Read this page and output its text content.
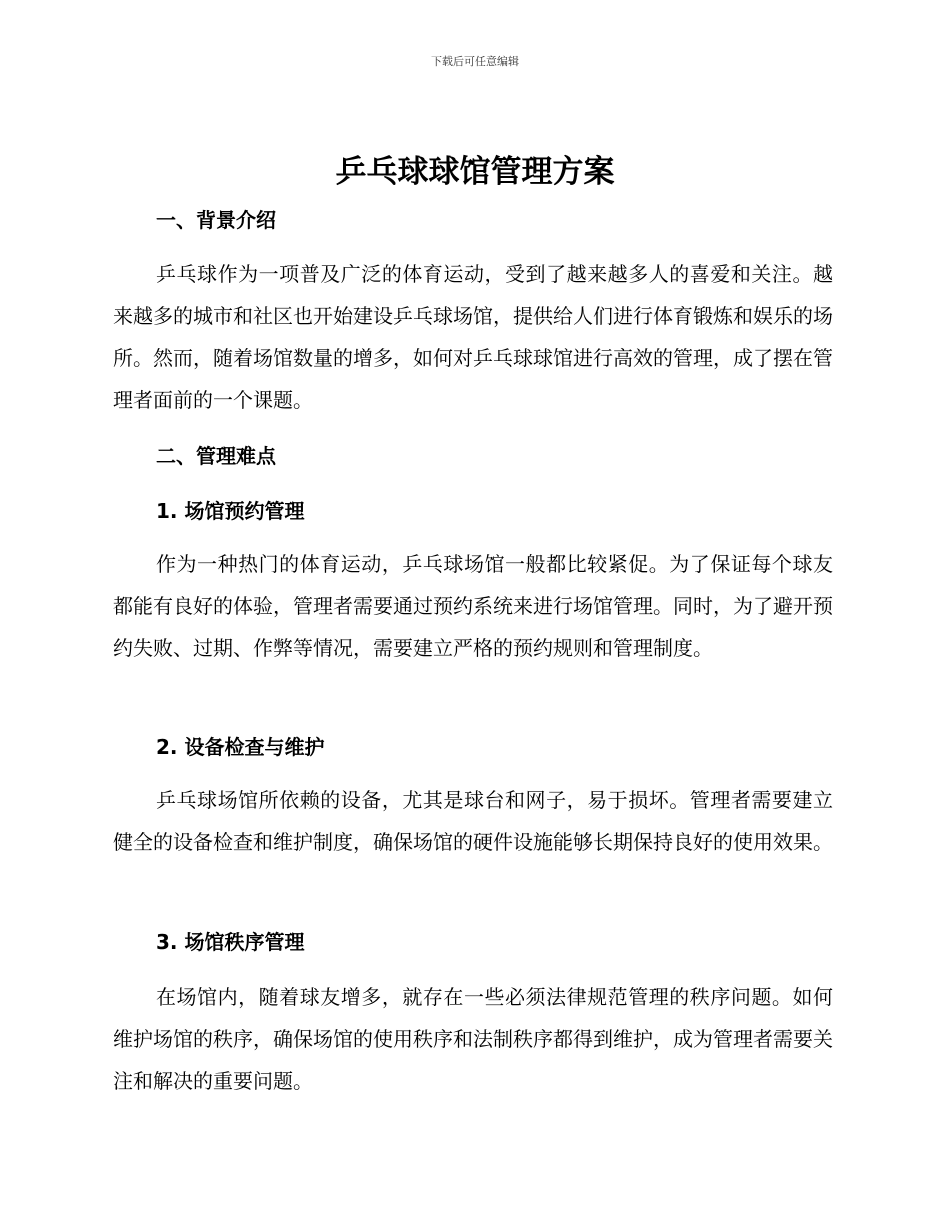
下载后可任意编辑
乒乓球球馆管理方案
一、背景介绍
乒乓球作为一项普及广泛的体育运动，受到了越来越多人的喜爱和关注。越来越多的城市和社区也开始建设乒乓球场馆，提供给人们进行体育锻炼和娱乐的场所。然而，随着场馆数量的增多，如何对乒乓球球馆进行高效的管理，成了摆在管理者面前的一个课题。
二、管理难点
1. 场馆预约管理
作为一种热门的体育运动，乒乓球场馆一般都比较紧促。为了保证每个球友都能有良好的体验，管理者需要通过预约系统来进行场馆管理。同时，为了避开预约失败、过期、作弊等情况，需要建立严格的预约规则和管理制度。
2. 设备检查与维护
乒乓球场馆所依赖的设备，尤其是球台和网子，易于损坏。管理者需要建立健全的设备检查和维护制度，确保场馆的硬件设施能够长期保持良好的使用效果。
3. 场馆秩序管理
在场馆内，随着球友增多，就存在一些必须法律规范管理的秩序问题。如何维护场馆的秩序，确保场馆的使用秩序和法制秩序都得到维护，成为管理者需要关注和解决的重要问题。
